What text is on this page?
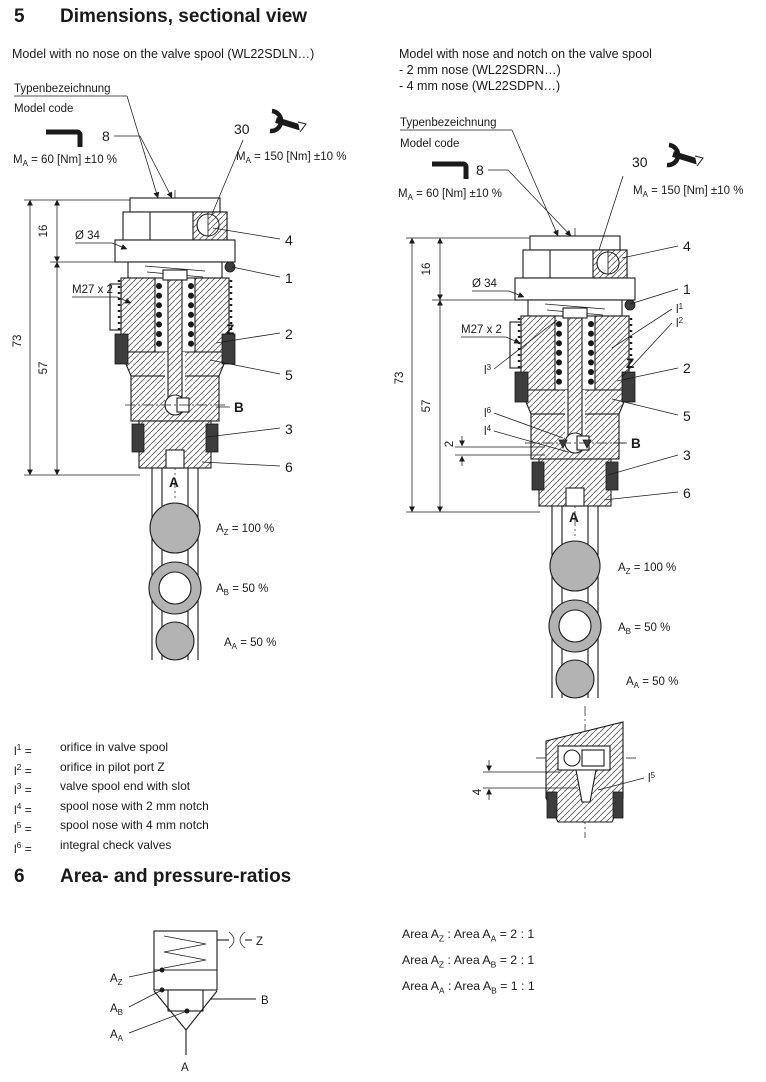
Typenbezeichnung
Model code
8
$M_A = 60$ [Nm] ±10 %
30
$M_A = 150$ [Nm] ±10 %
73
16
57
Ø 34
M27 x 2
4
1
2
5
3
6
Z
B
A
$A_Z = 100$ %
$A_B = 50$ %
$A_A = 50$ %
Typenbezeichnung
Model code
8
$M_A = 60$ [Nm] ±10 %
30
$M_A = 150$ [Nm] ±10 %
73
16
57
Ø 34
M27 x 2
2
$l^3$
$l^6$
$l^4$
$l^1$
$l^2$
4
1
2
5
3
6
Z
B
A
$A_Z = 100$ %
$A_B = 50$ %
$A_A = 50$ %
$l^5$
4
Z
B
A
$A_Z$
$A_B$
$A_A$
5	Dimensions, sectional view
Model with no nose on the valve spool (WL22SDLN…)	Model with nose and notch on the valve spool
- 2 mm nose (WL22SDRN…)
- 4 mm nose (WL22SDPN…)
$l^1$ =	orifice in valve spool
$l^2$ =	orifice in pilot port Z
$l^3$ =	valve spool end with slot
$l^4$ =	spool nose with 2 mm notch
$l^5$ =	spool nose with 4 mm notch
$l^6$ =	integral check valves
6	Area- and pressure-ratios
Area $A_Z$ : Area $A_A = 2$ : 1
Area $A_Z$ : Area $A_B = 2$ : 1
Area $A_A$ : Area $A_B = 1$ : 1
